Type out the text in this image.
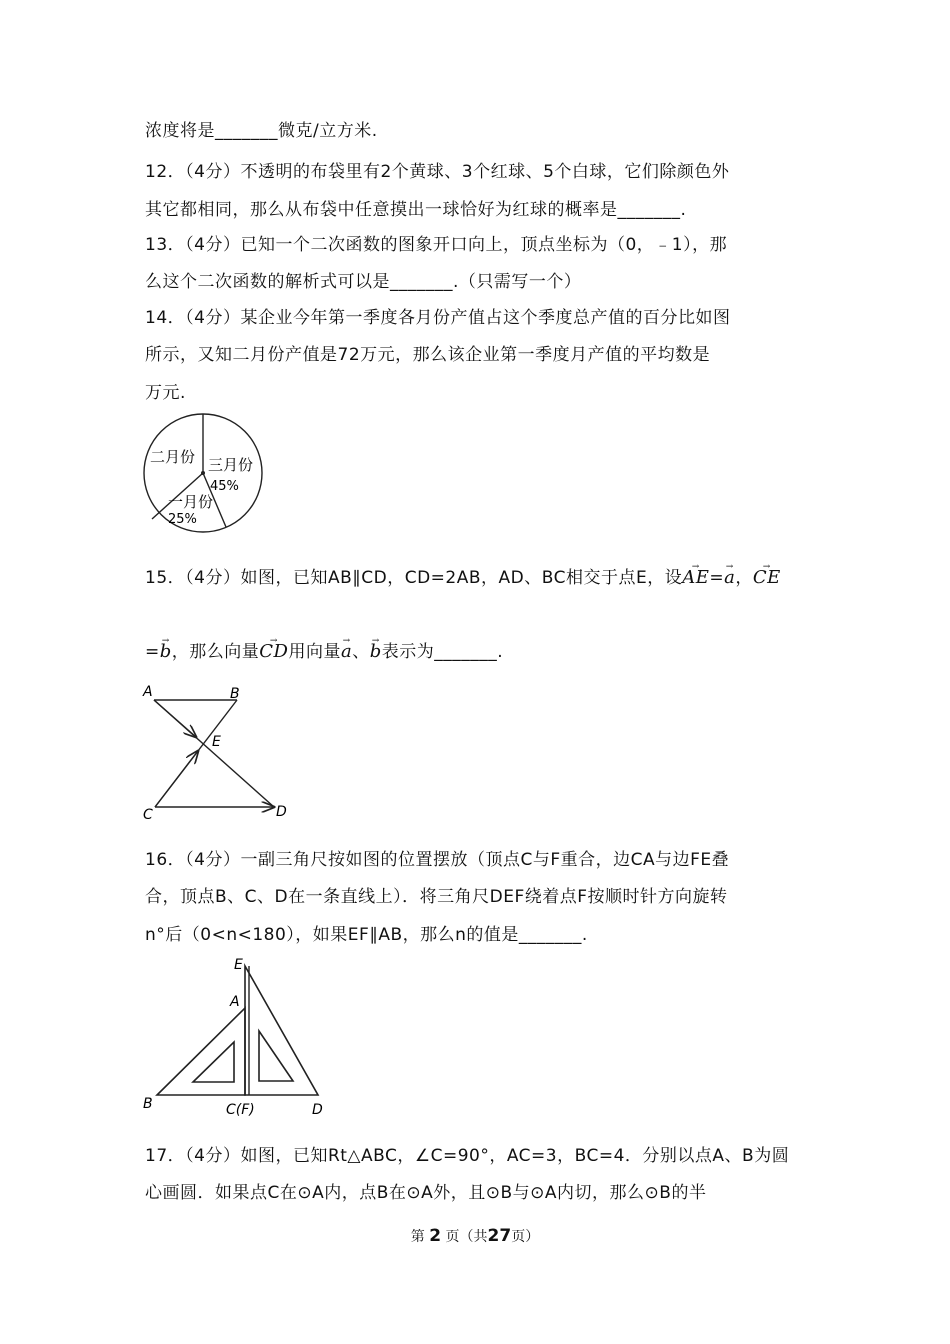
浓度将是_______微克/立方米.
12．（4分）不透明的布袋里有2个黄球、3个红球、5个白球，它们除颜色外
其它都相同，那么从布袋中任意摸出一球恰好为红球的概率是_______.
13．（4分）已知一个二次函数的图象开口向上，顶点坐标为（0，﹣1），那
么这个二次函数的解析式可以是_______.（只需写一个）
14．（4分）某企业今年第一季度各月份产值占这个季度总产值的百分比如图
所示，又知二月份产值是72万元，那么该企业第一季度月产值的平均数是
万元.
二月份 三月份
45%
一月份
25%
15．（4分）如图，已知AB∥CD，CD=2AB，AD、BC相交于点E，设→ AE=→ a，→ CE
=→ b，那么向量→ CD用向量→ a、→ b表示为_______.
A	B
E
C	D
16．（4分）一副三角尺按如图的位置摆放（顶点C与F重合，边CA与边FE叠
合，顶点B、C、D在一条直线上）．将三角尺DEF绕着点F按顺时针方向旋转
n°后（0<n<180），如果EF∥AB，那么n的值是_______.
E
A
B	C(F)	D
17．（4分）如图，已知Rt△ABC，∠C=90°，AC=3，BC=4．分别以点A、B为圆
心画圆．如果点C在⊙A内，点B在⊙A外，且⊙B与⊙A内切，那么⊙B的半
第 2 页（共27页）
